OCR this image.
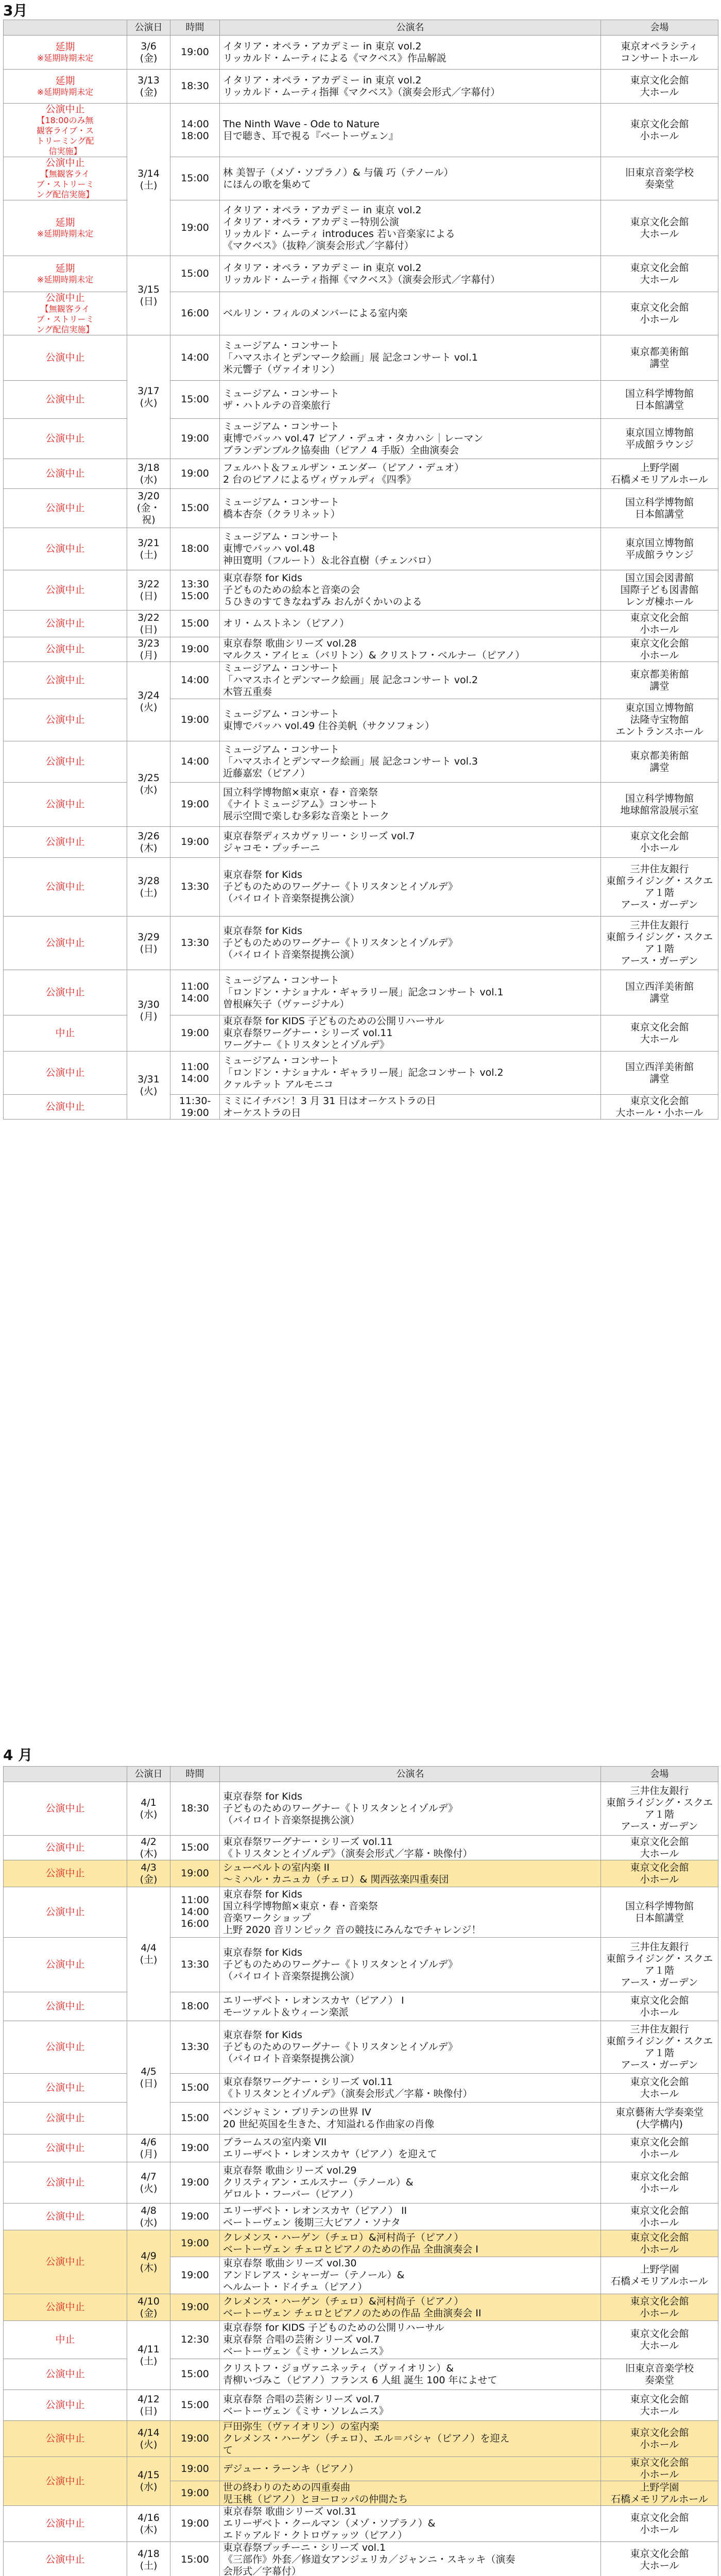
3月
	公演日	時間	公演名	会場

延期
※延期時期未定	3/6
(金)	19:00	イタリア・オペラ・アカデミー in 東京 vol.2
リッカルド・ムーティによる《マクベス》作品解説	東京オペラシティ
コンサートホール

延期
※延期時期未定	3/13
(金)	18:30	イタリア・オペラ・アカデミー in 東京 vol.2
リッカルド・ムーティ指揮《マクベス》（演奏会形式／字幕付）	東京文化会館
大ホール

公演中止
【18:00のみ無
観客ライブ・ス
トリーミング配
信実施】	3/14
(土)	14:00
18:00	The Ninth Wave - Ode to Nature
目で聴き、耳で視る『ベートーヴェン』	東京文化会館
小ホール

公演中止
【無観客ライ
ブ・ストリーミ
ング配信実施】		15:00	林 美智子（メゾ・ソプラノ）& 与儀 巧（テノール）
にほんの歌を集めて	旧東京音楽学校
奏楽堂

延期
※延期時期未定		19:00	イタリア・オペラ・アカデミー in 東京 vol.2
イタリア・オペラ・アカデミー特別公演
リッカルド・ムーティ introduces 若い音楽家による
《マクベス》（抜粋／演奏会形式／字幕付）	東京文化会館
大ホール

延期
※延期時期未定	3/15
(日)	15:00	イタリア・オペラ・アカデミー in 東京 vol.2
リッカルド・ムーティ指揮《マクベス》（演奏会形式／字幕付）	東京文化会館
大ホール

公演中止
【無観客ライ
ブ・ストリーミ
ング配信実施】		16:00	ベルリン・フィルのメンバーによる室内楽	東京文化会館
小ホール

公演中止	3/17
(火)	14:00	ミュージアム・コンサート
「ハマスホイとデンマーク絵画」展 記念コンサート vol.1
米元響子（ヴァイオリン）	東京都美術館
講堂

公演中止		15:00	ミュージアム・コンサート
ザ・ハトルテの音楽旅行	国立科学博物館
日本館講堂

公演中止		19:00	ミュージアム・コンサート
東博でバッハ vol.47 ピアノ・デュオ・タカハシ｜レーマン
ブランデンブルク協奏曲（ピアノ 4 手版）全曲演奏会	東京国立博物館
平成館ラウンジ

公演中止	3/18
(水)	19:00	フェルハト＆フェルザン・エンダー（ピアノ・デュオ）
2 台のピアノによるヴィヴァルディ《四季》	上野学園
石橋メモリアルホール

公演中止	3/20
(金・
祝)	15:00	ミュージアム・コンサート
橋本杏奈（クラリネット）	国立科学博物館
日本館講堂

公演中止	3/21
(土)	18:00	ミュージアム・コンサート
東博でバッハ vol.48
神田寛明（フルート）＆北谷直樹（チェンバロ）	東京国立博物館
平成館ラウンジ

公演中止	3/22
(日)	13:30
15:00	東京春祭 for Kids
子どものための絵本と音楽の会
５ひきのすてきなねずみ おんがくかいのよる	国立国会図書館
国際子ども図書館
レンガ棟ホール

公演中止	3/22
(日)	15:00	オリ・ムストネン（ピアノ）	東京文化会館
小ホール

公演中止	3/23
(月)	19:00	東京春祭 歌曲シリーズ vol.28
マルクス・アイヒェ（バリトン）& クリストフ・ベルナー（ピアノ）	東京文化会館
小ホール

公演中止	3/24
(火)	14:00	ミュージアム・コンサート
「ハマスホイとデンマーク絵画」展 記念コンサート vol.2
木管五重奏	東京都美術館
講堂

公演中止		19:00	ミュージアム・コンサート
東博でバッハ vol.49 住谷美帆（サクソフォン）	東京国立博物館
法隆寺宝物館
エントランスホール

公演中止	3/25
(水)	14:00	ミュージアム・コンサート
「ハマスホイとデンマーク絵画」展 記念コンサート vol.3
近藤嘉宏（ピアノ）	東京都美術館
講堂

公演中止		19:00	国立科学博物館×東京・春・音楽祭
《ナイトミュージアム》コンサート
展示空間で楽しむ多彩な音楽とトーク	国立科学博物館
地球館常設展示室

公演中止	3/26
(木)	19:00	東京春祭ディスカヴァリー・シリーズ vol.7
ジャコモ・プッチーニ	東京文化会館
小ホール

公演中止	3/28
(土)	13:30	東京春祭 for Kids
子どものためのワーグナー《トリスタンとイゾルデ》
（バイロイト音楽祭提携公演）	三井住友銀行
東館ライジング・スクエ
ア１階
アース・ガーデン

公演中止	3/29
(日)	13:30	東京春祭 for Kids
子どものためのワーグナー《トリスタンとイゾルデ》
（バイロイト音楽祭提携公演）	三井住友銀行
東館ライジング・スクエ
ア１階
アース・ガーデン

公演中止	3/30
(月)	11:00
14:00	ミュージアム・コンサート
「ロンドン・ナショナル・ギャラリー展」記念コンサート vol.1
曽根麻矢子（ヴァージナル）	国立西洋美術館
講堂

中止		19:00	東京春祭 for KIDS 子どものための公開リハーサル
東京春祭ワーグナー・シリーズ vol.11
ワーグナー《トリスタンとイゾルデ》	東京文化会館
大ホール

公演中止	3/31
(火)	11:00
14:00	ミュージアム・コンサート
「ロンドン・ナショナル・ギャラリー展」記念コンサート vol.2
クァルテット アルモニコ	国立西洋美術館
講堂

公演中止		11:30-
19:00	ミミにイチバン！3 月 31 日はオーケストラの日
オーケストラの日	東京文化会館
大ホール・小ホール
4 月
	公演日	時間	公演名	会場

公演中止	4/1
(水)	18:30	東京春祭 for Kids
子どものためのワーグナー《トリスタンとイゾルデ》
（バイロイト音楽祭提携公演）	三井住友銀行
東館ライジング・スクエ
ア１階
アース・ガーデン

公演中止	4/2
(木)	15:00	東京春祭ワーグナー・シリーズ vol.11
《トリスタンとイゾルデ》（演奏会形式／字幕・映像付）	東京文化会館
大ホール

公演中止	4/3
(金)	19:00	シューベルトの室内楽 II
〜ミハル・カニュカ（チェロ）& 関西弦楽四重奏団	東京文化会館
小ホール

公演中止	4/4
(土)	11:00
14:00
16:00	東京春祭 for Kids
国立科学博物館×東京・春・音楽祭
音楽ワークショップ
上野 2020 音リンピック 音の競技にみんなでチャレンジ！	国立科学博物館
日本館講堂

公演中止		13:30	東京春祭 for Kids
子どものためのワーグナー《トリスタンとイゾルデ》
（バイロイト音楽祭提携公演）	三井住友銀行
東館ライジング・スクエ
ア１階
アース・ガーデン

公演中止		18:00	エリーザベト・レオンスカヤ（ピアノ） I
モーツァルト＆ウィーン楽派	東京文化会館
小ホール

公演中止	4/5
(日)	13:30	東京春祭 for Kids
子どものためのワーグナー《トリスタンとイゾルデ》
（バイロイト音楽祭提携公演）	三井住友銀行
東館ライジング・スクエ
ア１階
アース・ガーデン

公演中止		15:00	東京春祭ワーグナー・シリーズ vol.11
《トリスタンとイゾルデ》（演奏会形式／字幕・映像付）	東京文化会館
大ホール

公演中止		15:00	ベンジャミン・ブリテンの世界 IV
20 世紀英国を生きた、才知溢れる作曲家の肖像	東京藝術大学奏楽堂
(大学構内)

公演中止	4/6
(月)	19:00	ブラームスの室内楽 VII
エリーザベト・レオンスカヤ（ピアノ）を迎えて	東京文化会館
小ホール

公演中止	4/7
(火)	19:00	東京春祭 歌曲シリーズ vol.29
クリスティアン・エルスナー（テノール）&
ゲロルト・フーバー（ピアノ）	東京文化会館
小ホール

公演中止	4/8
(水)	19:00	エリーザベト・レオンスカヤ（ピアノ） II
ベートーヴェン 後期三大ピアノ・ソナタ	東京文化会館
小ホール

公演中止	4/9
(木)	19:00	クレメンス・ハーゲン（チェロ）&河村尚子（ピアノ）
ベートーヴェン チェロとピアノのための作品 全曲演奏会 I	東京文化会館
小ホール

		19:00	東京春祭 歌曲シリーズ vol.30
アンドレアス・シャーガー（テノール）&
ヘルムート・ドイチュ（ピアノ）	上野学園
石橋メモリアルホール

公演中止	4/10
(金)	19:00	クレメンス・ハーゲン（チェロ）&河村尚子（ピアノ）
ベートーヴェン チェロとピアノのための作品 全曲演奏会 II	東京文化会館
小ホール

中止	4/11
(土)	12:30	東京春祭 for KIDS 子どものための公開リハーサル
東京春祭 合唱の芸術シリーズ vol.7
ベートーヴェン《ミサ・ソレムニス》	東京文化会館
大ホール

公演中止		15:00	クリストフ・ジョヴァニネッティ（ヴァイオリン）&
青柳いづみこ（ピアノ）フランス 6 人組 誕生 100 年によせて	旧東京音楽学校
奏楽堂

公演中止	4/12
(日)	15:00	東京春祭 合唱の芸術シリーズ vol.7
ベートーヴェン《ミサ・ソレムニス》	東京文化会館
大ホール

公演中止	4/14
(火)	19:00	戸田弥生（ヴァイオリン）の室内楽
クレメンス・ハーゲン（チェロ）、エル＝バシャ（ピアノ）を迎え
て	東京文化会館
小ホール

公演中止	4/15
(水)	19:00	デジュー・ラーンキ（ピアノ）	東京文化会館
小ホール

		19:00	世の終わりのための四重奏曲
児玉桃（ピアノ）とヨーロッパの仲間たち	上野学園
石橋メモリアルホール

公演中止	4/16
(木)	19:00	東京春祭 歌曲シリーズ vol.31
エリーザベト・クールマン（メゾ・ソプラノ）&
エドゥアルド・クトロヴァッツ（ピアノ）	東京文化会館
小ホール

公演中止	4/18
(土)	15:00	東京春祭プッチーニ・シリーズ vol.1
《三部作》外套／修道女アンジェリカ／ジャンニ・スキッキ（演奏
会形式／字幕付）	東京文化会館
大ホール
